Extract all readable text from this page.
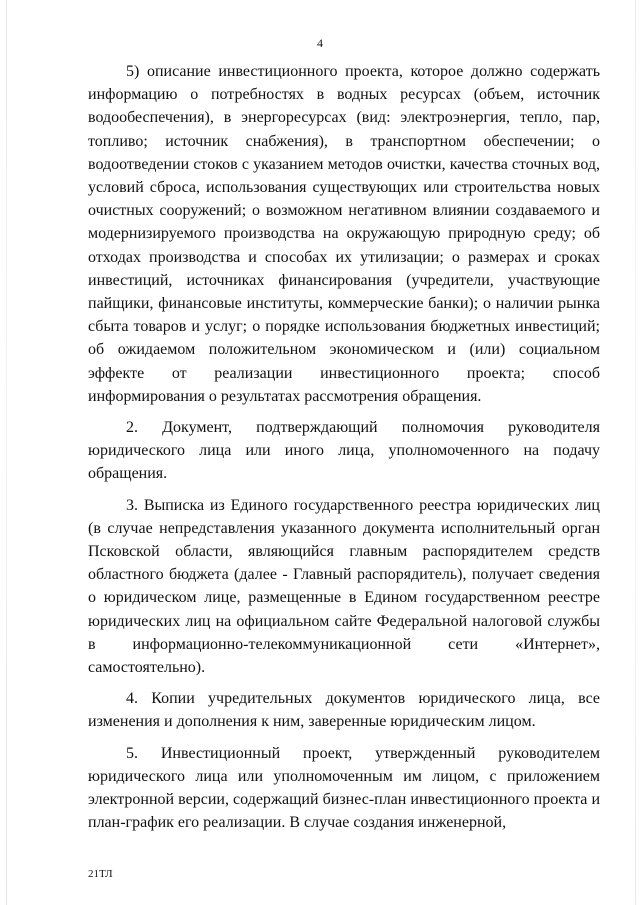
4

5) описание инвестиционного проекта, которое должно содержать информацию о потребностях в водных ресурсах (объем, источник водообеспечения), в энергоресурсах (вид: электроэнергия, тепло, пар, топливо; источник снабжения), в транспортном обеспечении; о водоотведении стоков с указанием методов очистки, качества сточных вод, условий сброса, использования существующих или строительства новых очистных сооружений; о возможном негативном влиянии создаваемого и модернизируемого производства на окружающую природную среду; об отходах производства и способах их утилизации; о размерах и сроках инвестиций, источниках финансирования (учредители, участвующие пайщики, финансовые институты, коммерческие банки); о наличии рынка сбыта товаров и услуг; о порядке использования бюджетных инвестиций; об ожидаемом положительном экономическом и (или) социальном эффекте от реализации инвестиционного проекта; способ информирования о результатах рассмотрения обращения.

2. Документ, подтверждающий полномочия руководителя юридического лица или иного лица, уполномоченного на подачу обращения.

3. Выписка из Единого государственного реестра юридических лиц (в случае непредставления указанного документа исполнительный орган Псковской области, являющийся главным распорядителем средств областного бюджета (далее - Главный распорядитель), получает сведения о юридическом лице, размещенные в Едином государственном реестре юридических лиц на официальном сайте Федеральной налоговой службы в информационно-телекоммуникационной сети «Интернет», самостоятельно).

4. Копии учредительных документов юридического лица, все изменения и дополнения к ним, заверенные юридическим лицом.

5. Инвестиционный проект, утвержденный руководителем юридического лица или уполномоченным им лицом, с приложением электронной версии, содержащий бизнес-план инвестиционного проекта и план-график его реализации. В случае создания инженерной,

21ТЛ
